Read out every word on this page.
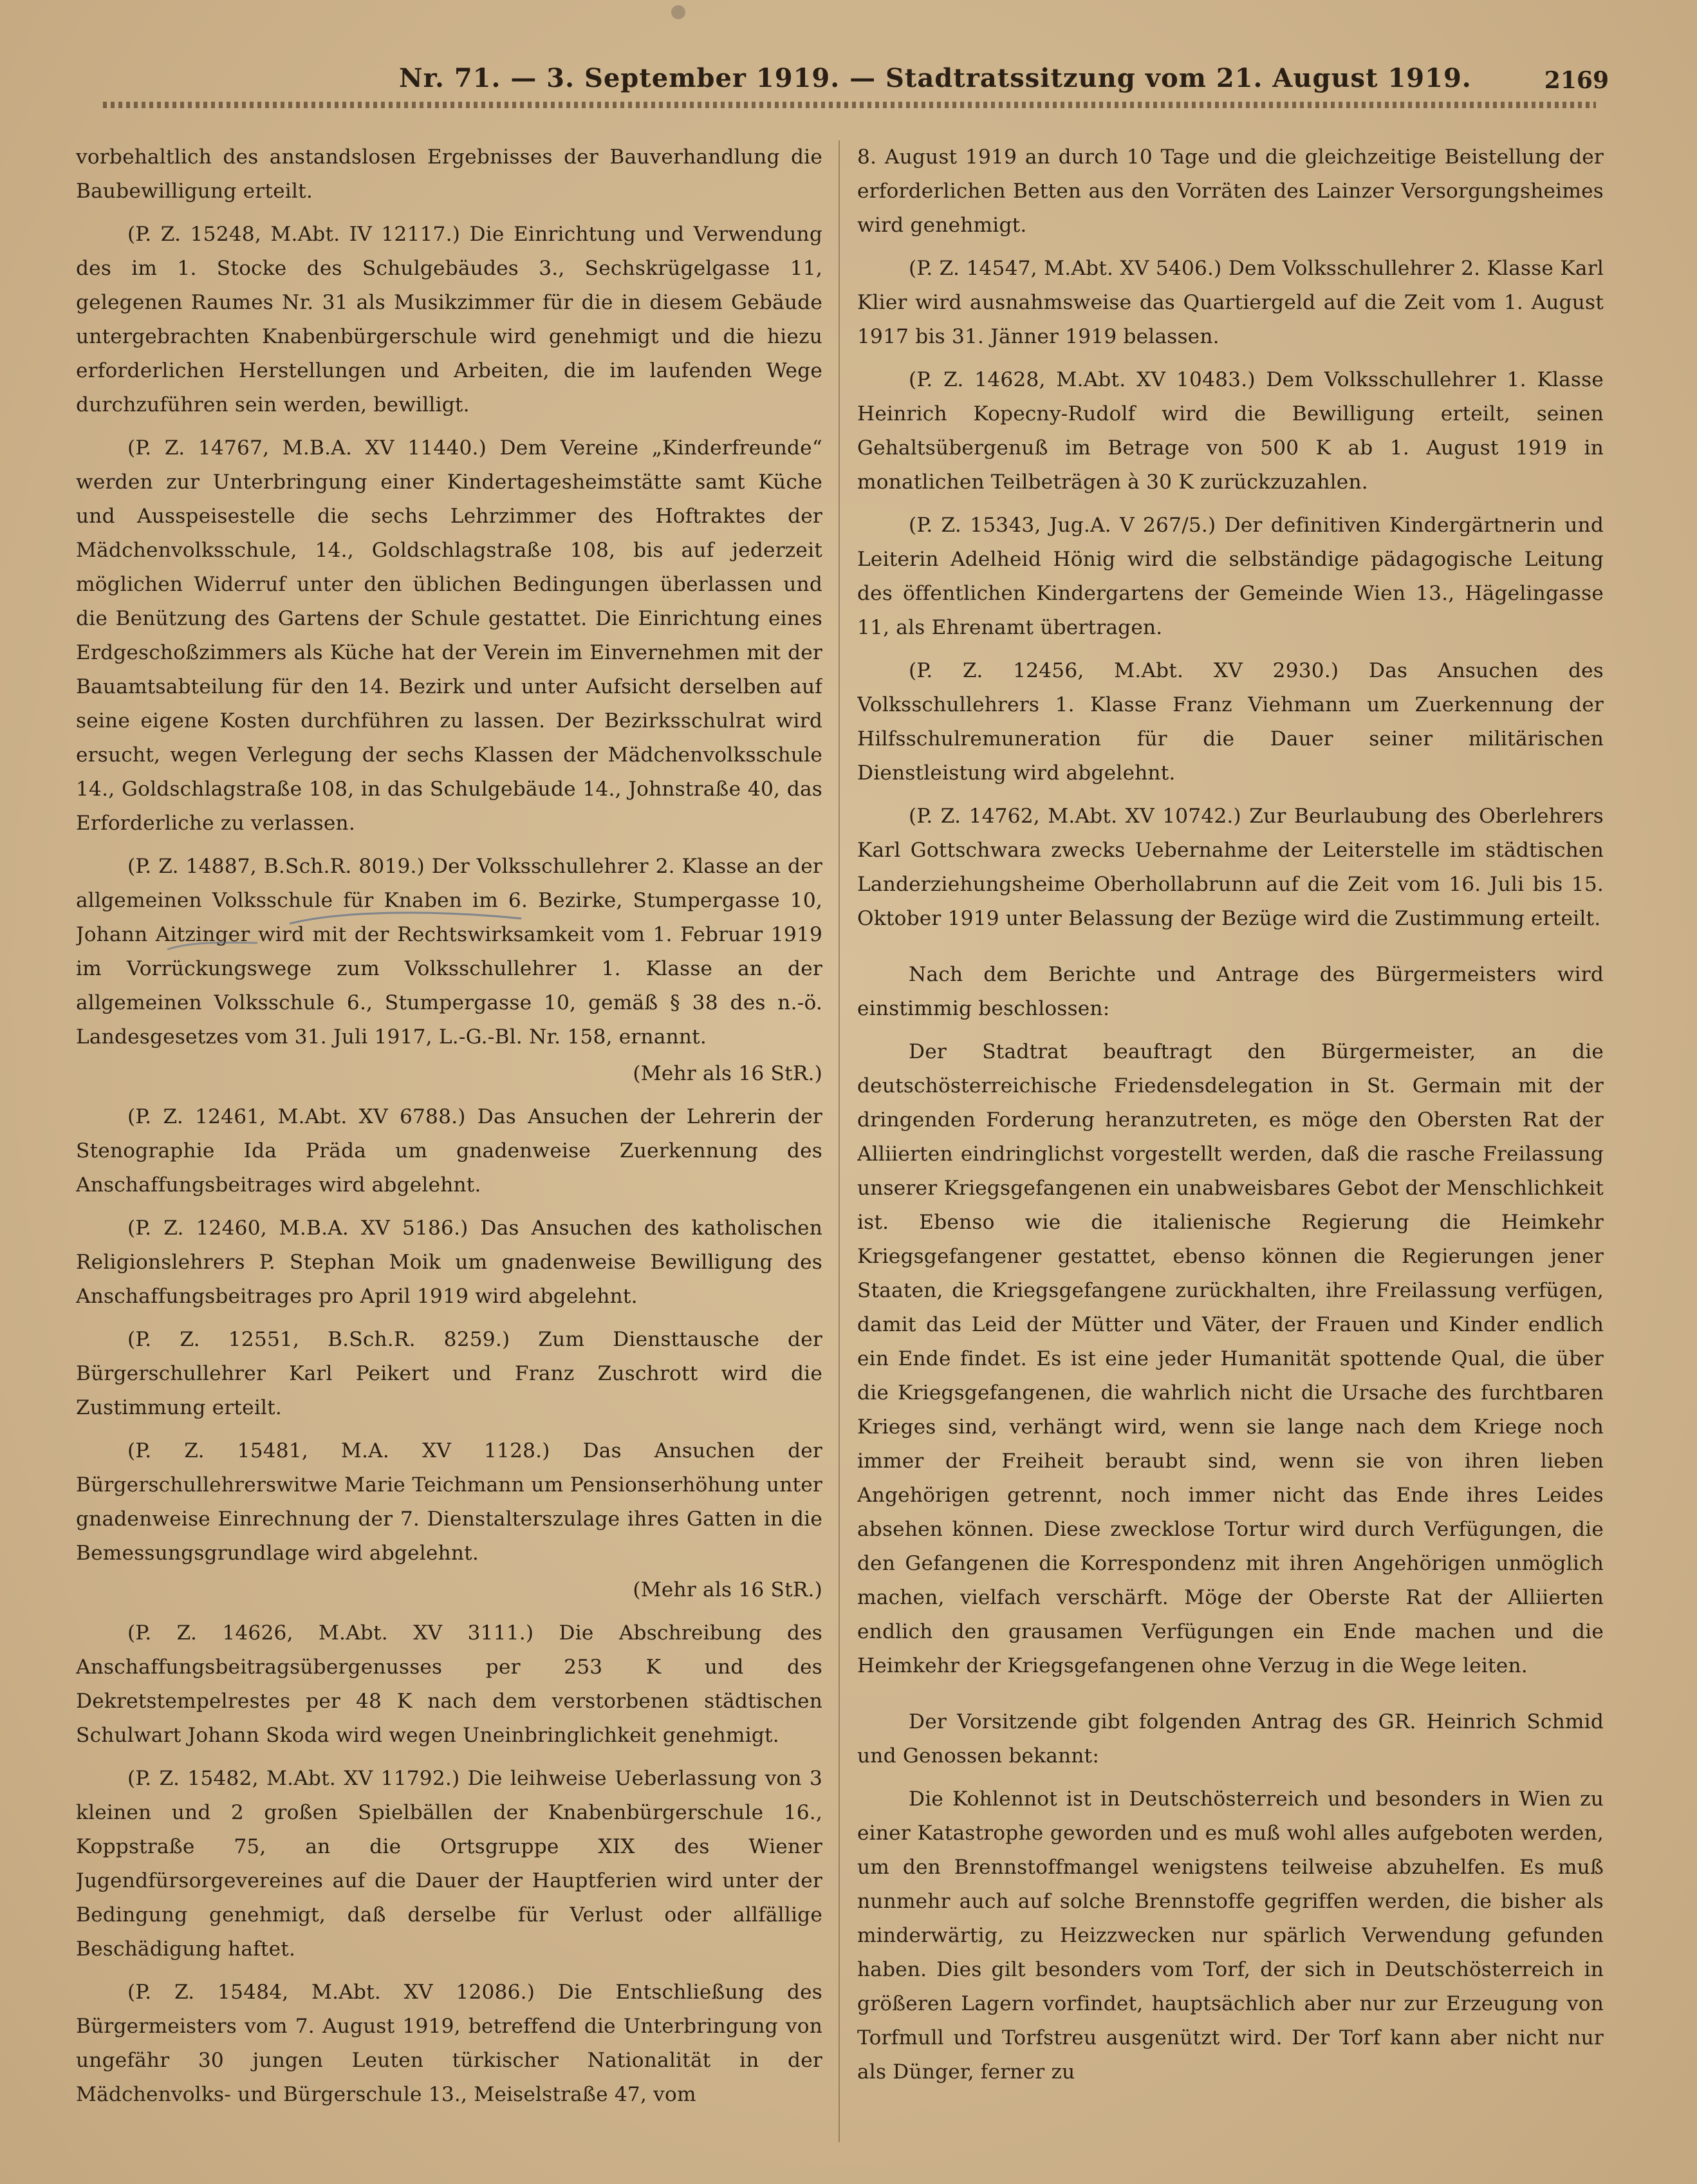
Nr. 71. — 3. September 1919. — Stadtratssitzung vom 21. August 1919.	2169

vorbehaltlich des anstandslosen Ergebnisses der Bauverhandlung die Baubewilligung erteilt.

(P. Z. 15248, M.Abt. IV 12117.) Die Einrichtung und Verwendung des im 1. Stocke des Schulgebäudes 3., Sechskrügelgasse 11, gelegenen Raumes Nr. 31 als Musikzimmer für die in diesem Gebäude untergebrachten Knabenbürgerschule wird genehmigt und die hiezu erforderlichen Herstellungen und Arbeiten, die im laufenden Wege durchzuführen sein werden, bewilligt.

(P. Z. 14767, M.B.A. XV 11440.) Dem Vereine „Kinderfreunde“ werden zur Unterbringung einer Kindertagesheimstätte samt Küche und Ausspeisestelle die sechs Lehrzimmer des Hoftraktes der Mädchenvolksschule, 14., Goldschlagstraße 108, bis auf jederzeit möglichen Widerruf unter den üblichen Bedingungen überlassen und die Benützung des Gartens der Schule gestattet. Die Einrichtung eines Erdgeschoßzimmers als Küche hat der Verein im Einvernehmen mit der Bauamtsabteilung für den 14. Bezirk und unter Aufsicht derselben auf seine eigene Kosten durchführen zu lassen. Der Bezirksschulrat wird ersucht, wegen Verlegung der sechs Klassen der Mädchenvolksschule 14., Goldschlagstraße 108, in das Schulgebäude 14., Johnstraße 40, das Erforderliche zu verlassen.

(P. Z. 14887, B.Sch.R. 8019.) Der Volksschullehrer 2. Klasse an der allgemeinen Volksschule für Knaben im 6. Bezirke, Stumpergasse 10, Johann Aitzinger wird mit der Rechtswirksamkeit vom 1. Februar 1919 im Vorrückungswege zum Volksschullehrer 1. Klasse an der allgemeinen Volksschule 6., Stumpergasse 10, gemäß § 38 des n.-ö. Landesgesetzes vom 31. Juli 1917, L.-G.-Bl. Nr. 158, ernannt.

(Mehr als 16 StR.)

(P. Z. 12461, M.Abt. XV 6788.) Das Ansuchen der Lehrerin der Stenographie Ida Präda um gnadenweise Zuerkennung des Anschaffungsbeitrages wird abgelehnt.

(P. Z. 12460, M.B.A. XV 5186.) Das Ansuchen des katholischen Religionslehrers P. Stephan Moik um gnadenweise Bewilligung des Anschaffungsbeitrages pro April 1919 wird abgelehnt.

(P. Z. 12551, B.Sch.R. 8259.) Zum Diensttausche der Bürgerschullehrer Karl Peikert und Franz Zuschrott wird die Zustimmung erteilt.

(P. Z. 15481, M.A. XV 1128.) Das Ansuchen der Bürgerschullehrerswitwe Marie Teichmann um Pensionserhöhung unter gnadenweise Einrechnung der 7. Dienstalterszulage ihres Gatten in die Bemessungsgrundlage wird abgelehnt.

(Mehr als 16 StR.)

(P. Z. 14626, M.Abt. XV 3111.) Die Abschreibung des Anschaffungsbeitragsübergenusses per 253 K und des Dekretstempelrestes per 48 K nach dem verstorbenen städtischen Schulwart Johann Skoda wird wegen Uneinbringlichkeit genehmigt.

(P. Z. 15482, M.Abt. XV 11792.) Die leihweise Ueberlassung von 3 kleinen und 2 großen Spielbällen der Knabenbürgerschule 16., Koppstraße 75, an die Ortsgruppe XIX des Wiener Jugendfürsorgevereines auf die Dauer der Hauptferien wird unter der Bedingung genehmigt, daß derselbe für Verlust oder allfällige Beschädigung haftet.

(P. Z. 15484, M.Abt. XV 12086.) Die Entschließung des Bürgermeisters vom 7. August 1919, betreffend die Unterbringung von ungefähr 30 jungen Leuten türkischer Nationalität in der Mädchenvolks- und Bürgerschule 13., Meiselstraße 47, vom

8. August 1919 an durch 10 Tage und die gleichzeitige Beistellung der erforderlichen Betten aus den Vorräten des Lainzer Versorgungsheimes wird genehmigt.

(P. Z. 14547, M.Abt. XV 5406.) Dem Volksschullehrer 2. Klasse Karl Klier wird ausnahmsweise das Quartiergeld auf die Zeit vom 1. August 1917 bis 31. Jänner 1919 belassen.

(P. Z. 14628, M.Abt. XV 10483.) Dem Volksschullehrer 1. Klasse Heinrich Kopecny-Rudolf wird die Bewilligung erteilt, seinen Gehaltsübergenuß im Betrage von 500 K ab 1. August 1919 in monatlichen Teilbeträgen à 30 K zurückzuzahlen.

(P. Z. 15343, Jug.A. V 267/5.) Der definitiven Kindergärtnerin und Leiterin Adelheid Hönig wird die selbständige pädagogische Leitung des öffentlichen Kindergartens der Gemeinde Wien 13., Hägelingasse 11, als Ehrenamt übertragen.

(P. Z. 12456, M.Abt. XV 2930.) Das Ansuchen des Volksschullehrers 1. Klasse Franz Viehmann um Zuerkennung der Hilfsschulremuneration für die Dauer seiner militärischen Dienstleistung wird abgelehnt.

(P. Z. 14762, M.Abt. XV 10742.) Zur Beurlaubung des Oberlehrers Karl Gottschwara zwecks Uebernahme der Leiterstelle im städtischen Landerziehungsheime Oberhollabrunn auf die Zeit vom 16. Juli bis 15. Oktober 1919 unter Belassung der Bezüge wird die Zustimmung erteilt.

Nach dem Berichte und Antrage des Bürgermeisters wird einstimmig beschlossen:

Der Stadtrat beauftragt den Bürgermeister, an die deutschösterreichische Friedensdelegation in St. Germain mit der dringenden Forderung heranzutreten, es möge den Obersten Rat der Alliierten eindringlichst vorgestellt werden, daß die rasche Freilassung unserer Kriegsgefangenen ein unabweisbares Gebot der Menschlichkeit ist. Ebenso wie die italienische Regierung die Heimkehr Kriegsgefangener gestattet, ebenso können die Regierungen jener Staaten, die Kriegsgefangene zurückhalten, ihre Freilassung verfügen, damit das Leid der Mütter und Väter, der Frauen und Kinder endlich ein Ende findet. Es ist eine jeder Humanität spottende Qual, die über die Kriegsgefangenen, die wahrlich nicht die Ursache des furchtbaren Krieges sind, verhängt wird, wenn sie lange nach dem Kriege noch immer der Freiheit beraubt sind, wenn sie von ihren lieben Angehörigen getrennt, noch immer nicht das Ende ihres Leides absehen können. Diese zwecklose Tortur wird durch Verfügungen, die den Gefangenen die Korrespondenz mit ihren Angehörigen unmöglich machen, vielfach verschärft. Möge der Oberste Rat der Alliierten endlich den grausamen Verfügungen ein Ende machen und die Heimkehr der Kriegsgefangenen ohne Verzug in die Wege leiten.

Der Vorsitzende gibt folgenden Antrag des GR. Heinrich Schmid und Genossen bekannt:

Die Kohlennot ist in Deutschösterreich und besonders in Wien zu einer Katastrophe geworden und es muß wohl alles aufgeboten werden, um den Brennstoffmangel wenigstens teilweise abzuhelfen. Es muß nunmehr auch auf solche Brennstoffe gegriffen werden, die bisher als minderwärtig, zu Heizzwecken nur spärlich Verwendung gefunden haben. Dies gilt besonders vom Torf, der sich in Deutschösterreich in größeren Lagern vorfindet, hauptsächlich aber nur zur Erzeugung von Torfmull und Torfstreu ausgenützt wird. Der Torf kann aber nicht nur als Dünger, ferner zu
